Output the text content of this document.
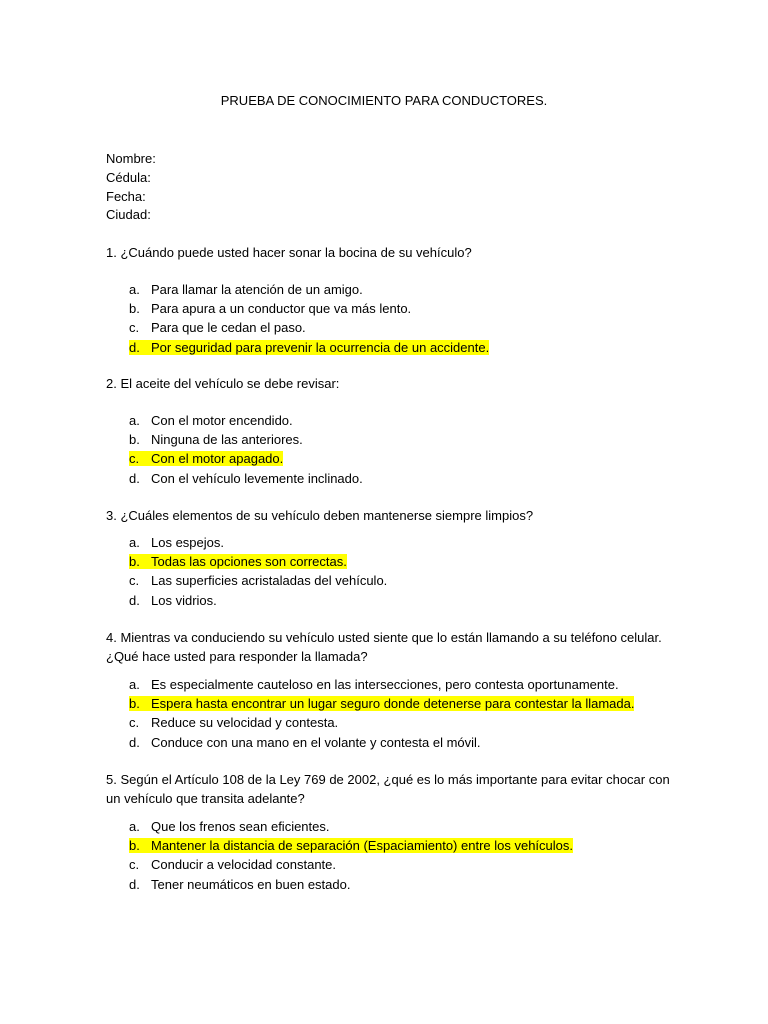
PRUEBA DE CONOCIMIENTO PARA CONDUCTORES.
Nombre:
Cédula:
Fecha:
Ciudad:
1. ¿Cuándo puede usted hacer sonar la bocina de su vehículo?
a. Para llamar la atención de un amigo.
b. Para apura a un conductor que va más lento.
c. Para que le cedan el paso.
d. Por seguridad para prevenir la ocurrencia de un accidente.
2. El aceite del vehículo se debe revisar:
a. Con el motor encendido.
b. Ninguna de las anteriores.
c. Con el motor apagado.
d. Con el vehículo levemente inclinado.
3. ¿Cuáles elementos de su vehículo deben mantenerse siempre limpios?
a. Los espejos.
b. Todas las opciones son correctas.
c. Las superficies acristaladas del vehículo.
d. Los vidrios.
4. Mientras va conduciendo su vehículo usted siente que lo están llamando a su teléfono celular. ¿Qué hace usted para responder la llamada?
a. Es especialmente cauteloso en las intersecciones, pero contesta oportunamente.
b. Espera hasta encontrar un lugar seguro donde detenerse para contestar la llamada.
c. Reduce su velocidad y contesta.
d. Conduce con una mano en el volante y contesta el móvil.
5. Según el Artículo 108 de la Ley 769 de 2002, ¿qué es lo más importante para evitar chocar con un vehículo que transita adelante?
a. Que los frenos sean eficientes.
b. Mantener la distancia de separación (Espaciamiento) entre los vehículos.
c. Conducir a velocidad constante.
d. Tener neumáticos en buen estado.
